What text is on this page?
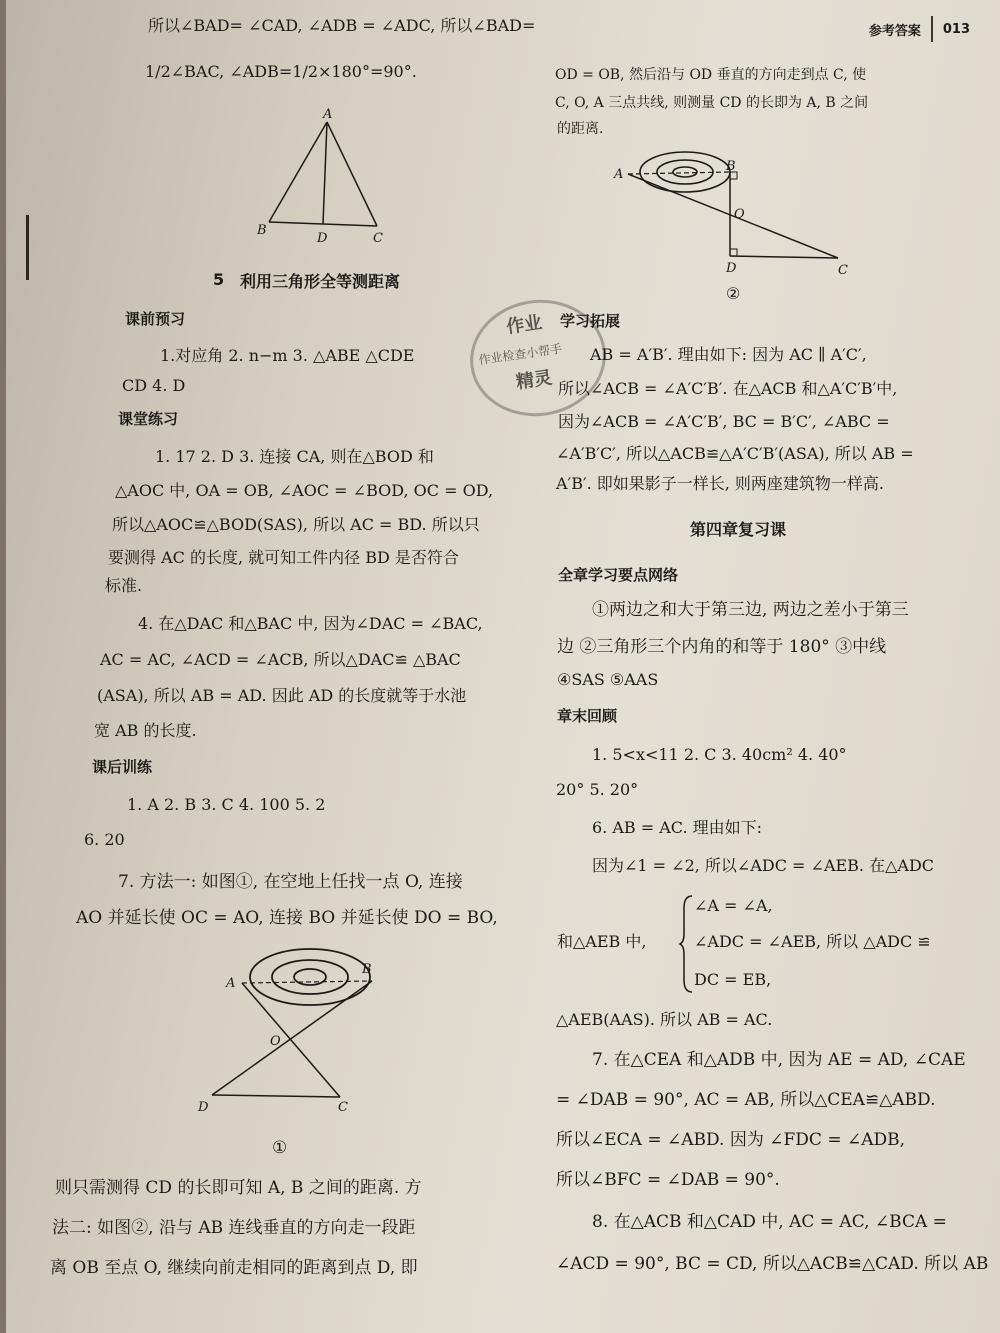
参考答案 013
所以∠BAD= ∠CAD, ∠ADB = ∠ADC, 所以∠BAD=
1/2∠BAC, ∠ADB=1/2×180°=90°.
A
B
D	C
5 利用三角形全等测距离
课前预习
1.对应角 2. n−m 3. △ABE △CDE
CD 4. D
课堂练习
1. 17 2. D 3. 连接 CA, 则在△BOD 和
△AOC 中, OA = OB, ∠AOC = ∠BOD, OC = OD,
所以△AOC≌△BOD(SAS), 所以 AC = BD. 所以只
要测得 AC 的长度, 就可知工件内径 BD 是否符合
标准.
4. 在△DAC 和△BAC 中, 因为∠DAC = ∠BAC,
AC = AC, ∠ACD = ∠ACB, 所以△DAC≌ △BAC
(ASA), 所以 AB = AD. 因此 AD 的长度就等于水池
宽 AB 的长度.
课后训练
1. A 2. B 3. C 4. 100 5. 2
6. 20
7. 方法一: 如图①, 在空地上任找一点 O, 连接
AO 并延长使 OC = AO, 连接 BO 并延长使 DO = BO,
A
B
O
D	C
①
则只需测得 CD 的长即可知 A, B 之间的距离. 方
法二: 如图②, 沿与 AB 连线垂直的方向走一段距
离 OB 至点 O, 继续向前走相同的距离到点 D, 即
OD = OB, 然后沿与 OD 垂直的方向走到点 C, 使
C, O, A 三点共线, 则测量 CD 的长即为 A, B 之间
的距离.
A
B
O
D	C
②
作业
作业检查小帮手
精灵
学习拓展
AB = A′B′. 理由如下: 因为 AC ∥ A′C′,
所以∠ACB = ∠A′C′B′. 在△ACB 和△A′C′B′中,
因为∠ACB = ∠A′C′B′, BC = B′C′, ∠ABC =
∠A′B′C′, 所以△ACB≌△A′C′B′(ASA), 所以 AB =
A′B′. 即如果影子一样长, 则两座建筑物一样高.
第四章复习课
全章学习要点网络
①两边之和大于第三边, 两边之差小于第三
边 ②三角形三个内角的和等于 180° ③中线
④SAS ⑤AAS
章末回顾
1. 5<x<11 2. C 3. 40cm² 4. 40°
20° 5. 20°
6. AB = AC. 理由如下:
因为∠1 = ∠2, 所以∠ADC = ∠AEB. 在△ADC
∠A = ∠A,
和△AEB 中,	∠ADC = ∠AEB, 所以 △ADC ≌
DC = EB,
△AEB(AAS). 所以 AB = AC.
7. 在△CEA 和△ADB 中, 因为 AE = AD, ∠CAE
= ∠DAB = 90°, AC = AB, 所以△CEA≌△ABD.
所以∠ECA = ∠ABD. 因为 ∠FDC = ∠ADB,
所以∠BFC = ∠DAB = 90°.
8. 在△ACB 和△CAD 中, AC = AC, ∠BCA =
∠ACD = 90°, BC = CD, 所以△ACB≌△CAD. 所以 AB
